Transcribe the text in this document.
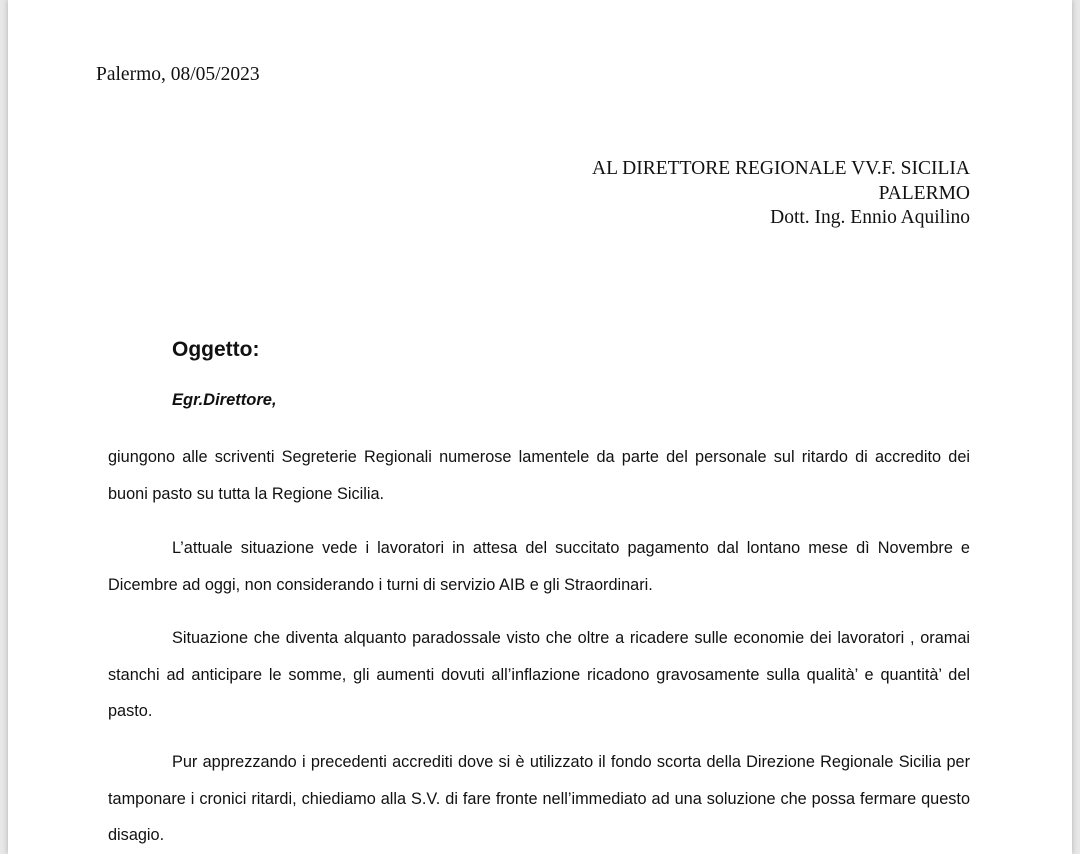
Palermo, 08/05/2023
AL DIRETTORE REGIONALE VV.F. SICILIA
PALERMO
Dott. Ing. Ennio Aquilino
Oggetto:
Egr.Direttore,
giungono alle scriventi Segreterie Regionali numerose lamentele da parte del personale sul ritardo di accredito dei buoni pasto su tutta la Regione Sicilia.
L’attuale situazione vede i lavoratori in attesa del succitato pagamento dal lontano mese dì Novembre e Dicembre ad oggi, non considerando i turni di servizio AIB e gli Straordinari.
Situazione che diventa alquanto paradossale visto che oltre a ricadere sulle economie dei lavoratori , oramai stanchi ad anticipare le somme, gli aumenti dovuti all’inflazione ricadono gravosamente sulla qualità’ e quantità’ del pasto.
Pur apprezzando i precedenti accrediti dove si è utilizzato il fondo scorta della Direzione Regionale Sicilia per tamponare i cronici ritardi, chiediamo alla S.V. di fare fronte nell’immediato ad una soluzione che possa fermare questo disagio.
